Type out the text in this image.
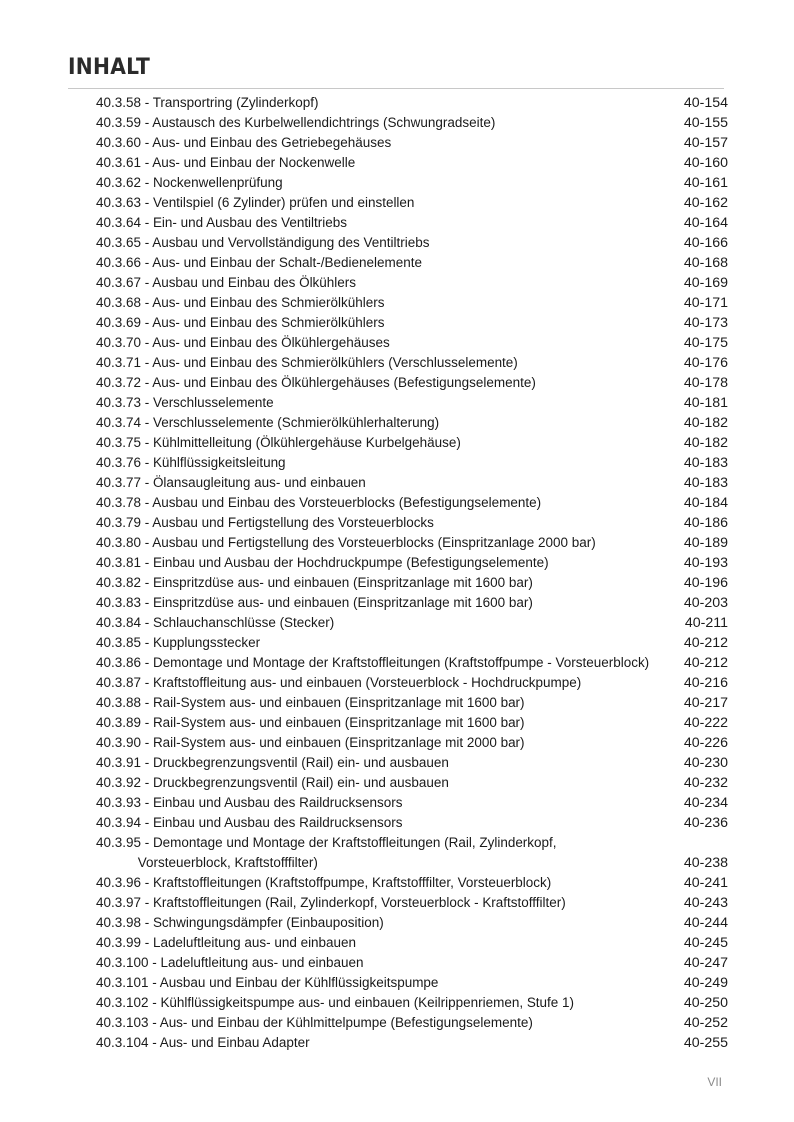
INHALT
40.3.58 - Transportring (Zylinderkopf)	40-154
40.3.59 - Austausch des Kurbelwellendichtrings (Schwungradseite)	40-155
40.3.60 - Aus- und Einbau des Getriebegehäuses	40-157
40.3.61 - Aus- und Einbau der Nockenwelle	40-160
40.3.62 - Nockenwellenprüfung	40-161
40.3.63 - Ventilspiel (6 Zylinder) prüfen und einstellen	40-162
40.3.64 - Ein- und Ausbau des Ventiltriebs	40-164
40.3.65 - Ausbau und Vervollständigung des Ventiltriebs	40-166
40.3.66 - Aus- und Einbau der Schalt-/Bedienelemente	40-168
40.3.67 - Ausbau und Einbau des Ölkühlers	40-169
40.3.68 - Aus- und Einbau des Schmierölkühlers	40-171
40.3.69 - Aus- und Einbau des Schmierölkühlers	40-173
40.3.70 - Aus- und Einbau des Ölkühlergehäuses	40-175
40.3.71 - Aus- und Einbau des Schmierölkühlers (Verschlusselemente)	40-176
40.3.72 - Aus- und Einbau des Ölkühlergehäuses (Befestigungselemente)	40-178
40.3.73 - Verschlusselemente	40-181
40.3.74 - Verschlusselemente (Schmierölkühlerhalterung)	40-182
40.3.75 - Kühlmittelleitung (Ölkühlergehäuse Kurbelgehäuse)	40-182
40.3.76 - Kühlflüssigkeitsleitung	40-183
40.3.77 - Ölansaugleitung aus- und einbauen	40-183
40.3.78 - Ausbau und Einbau des Vorsteuerblocks (Befestigungselemente)	40-184
40.3.79 - Ausbau und Fertigstellung des Vorsteuerblocks	40-186
40.3.80 - Ausbau und Fertigstellung des Vorsteuerblocks (Einspritzanlage 2000 bar)	40-189
40.3.81 - Einbau und Ausbau der Hochdruckpumpe (Befestigungselemente)	40-193
40.3.82 - Einspritzdüse aus- und einbauen (Einspritzanlage mit 1600 bar)	40-196
40.3.83 - Einspritzdüse aus- und einbauen (Einspritzanlage mit 1600 bar)	40-203
40.3.84 - Schlauchanschlüsse (Stecker)	40-211
40.3.85 - Kupplungsstecker	40-212
40.3.86 - Demontage und Montage der Kraftstoffleitungen (Kraftstoffpumpe - Vorsteuerblock) 40-212
40.3.87 - Kraftstoffleitung aus- und einbauen (Vorsteuerblock - Hochdruckpumpe)	40-216
40.3.88 - Rail-System aus- und einbauen (Einspritzanlage mit 1600 bar)	40-217
40.3.89 - Rail-System aus- und einbauen (Einspritzanlage mit 1600 bar)	40-222
40.3.90 - Rail-System aus- und einbauen (Einspritzanlage mit 2000 bar)	40-226
40.3.91 - Druckbegrenzungsventil (Rail) ein- und ausbauen	40-230
40.3.92 - Druckbegrenzungsventil (Rail) ein- und ausbauen	40-232
40.3.93 - Einbau und Ausbau des Raildrucksensors	40-234
40.3.94 - Einbau und Ausbau des Raildrucksensors	40-236
40.3.95 - Demontage und Montage der Kraftstoffleitungen (Rail, Zylinderkopf, Vorsteuerblock, Kraftstofffilter)	40-238
40.3.96 - Kraftstoffleitungen (Kraftstoffpumpe, Kraftstofffilter, Vorsteuerblock)	40-241
40.3.97 - Kraftstoffleitungen (Rail, Zylinderkopf, Vorsteuerblock - Kraftstofffilter)	40-243
40.3.98 - Schwingungsdämpfer (Einbauposition)	40-244
40.3.99 - Ladeluftleitung aus- und einbauen	40-245
40.3.100 - Ladeluftleitung aus- und einbauen	40-247
40.3.101 - Ausbau und Einbau der Kühlflüssigkeitspumpe	40-249
40.3.102 - Kühlflüssigkeitspumpe aus- und einbauen (Keilrippenriemen, Stufe 1)	40-250
40.3.103 - Aus- und Einbau der Kühlmittelpumpe (Befestigungselemente)	40-252
40.3.104 - Aus- und Einbau Adapter	40-255
VII
